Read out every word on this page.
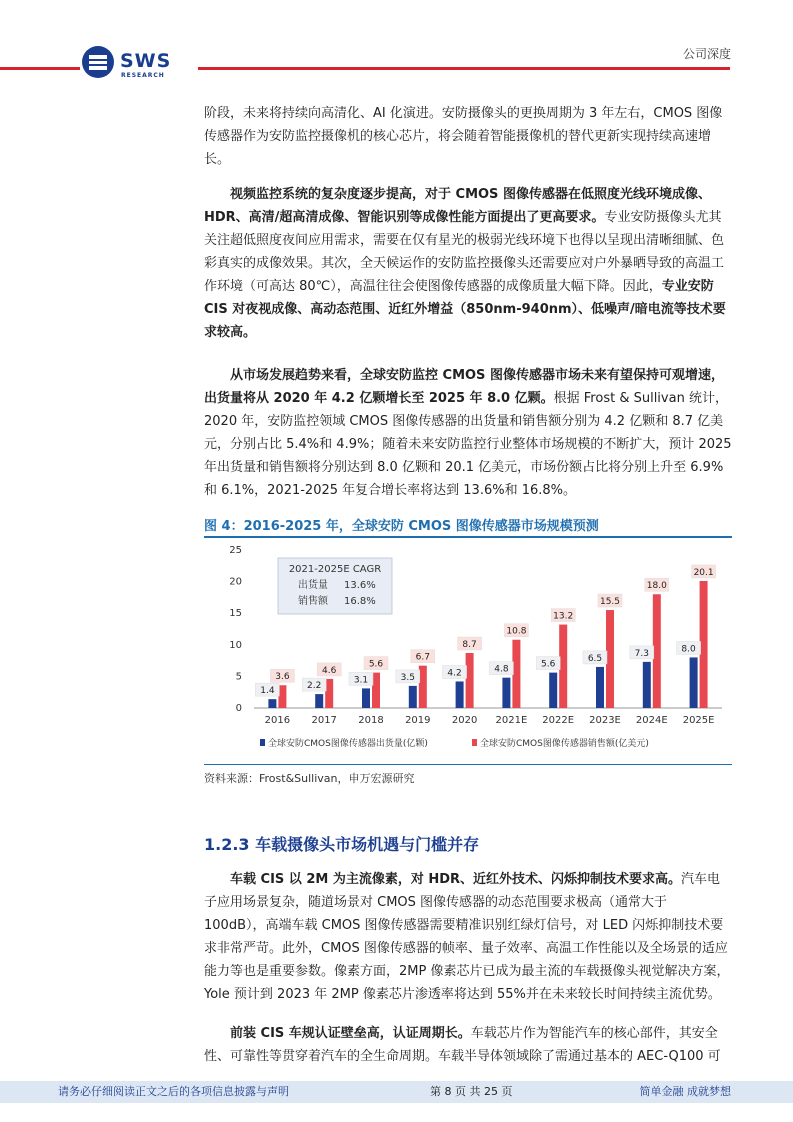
SWS
RESEARCH
公司深度

阶段，未来将持续向高清化、AI 化演进。安防摄像头的更换周期为 3 年左右，CMOS 图像传感器作为安防监控摄像机的核心芯片，将会随着智能摄像机的替代更新实现持续高速增长。

视频监控系统的复杂度逐步提高，对于 CMOS 图像传感器在低照度光线环境成像、HDR、高清/超高清成像、智能识别等成像性能方面提出了更高要求。专业安防摄像头尤其关注超低照度夜间应用需求，需要在仅有星光的极弱光线环境下也得以呈现出清晰细腻、色彩真实的成像效果。其次，全天候运作的安防监控摄像头还需要应对户外暴晒导致的高温工作环境（可高达 80℃），高温往往会使图像传感器的成像质量大幅下降。因此，专业安防 CIS 对夜视成像、高动态范围、近红外增益（850nm-940nm）、低噪声/暗电流等技术要求较高。

从市场发展趋势来看，全球安防监控 CMOS 图像传感器市场未来有望保持可观增速，出货量将从 2020 年 4.2 亿颗增长至 2025 年 8.0 亿颗。根据 Frost & Sullivan 统计，2020 年，安防监控领域 CMOS 图像传感器的出货量和销售额分别为 4.2 亿颗和 8.7 亿美元，分别占比 5.4%和 4.9%；随着未来安防监控行业整体市场规模的不断扩大，预计 2025 年出货量和销售额将分别达到 8.0 亿颗和 20.1 亿美元，市场份额占比将分别上升至 6.9%和 6.1%，2021-2025 年复合增长率将达到 13.6%和 16.8%。

图 4：2016-2025 年，全球安防 CMOS 图像传感器市场规模预测
0
5
10
15
20
25
2016 2017 2018 2019 2020 2021E 2022E 2023E 2024E 2025E
1.4
3.6
2.2
4.6
3.1
5.6
3.5
6.7
4.2
8.7
4.8
10.8
5.6
13.2
6.5
15.5
7.3
18.0
8.0
20.1
2021-2025E CAGR
出货量 13.6%
销售额 16.8%
全球安防CMOS图像传感器出货量(亿颗)	全球安防CMOS图像传感器销售额(亿美元)
资料来源：Frost&Sullivan，申万宏源研究
1.2.3 车载摄像头市场机遇与门槛并存

车载 CIS 以 2M 为主流像素，对 HDR、近红外技术、闪烁抑制技术要求高。汽车电子应用场景复杂，随道场景对 CMOS 图像传感器的动态范围要求极高（通常大于 100dB），高端车载 CMOS 图像传感器需要精准识别红绿灯信号，对 LED 闪烁抑制技术要求非常严苛。此外，CMOS 图像传感器的帧率、量子效率、高温工作性能以及全场景的适应能力等也是重要参数。像素方面，2MP 像素芯片已成为最主流的车载摄像头视觉解决方案，Yole 预计到 2023 年 2MP 像素芯片渗透率将达到 55%并在未来较长时间持续主流优势。

前装 CIS 车规认证壁垒高，认证周期长。车载芯片作为智能汽车的核心部件，其安全性、可靠性等贯穿着汽车的全生命周期。车载半导体领域除了需通过基本的 AEC-Q100 可

请务必仔细阅读正文之后的各项信息披露与声明	第 8 页 共 25 页	简单金融 成就梦想
